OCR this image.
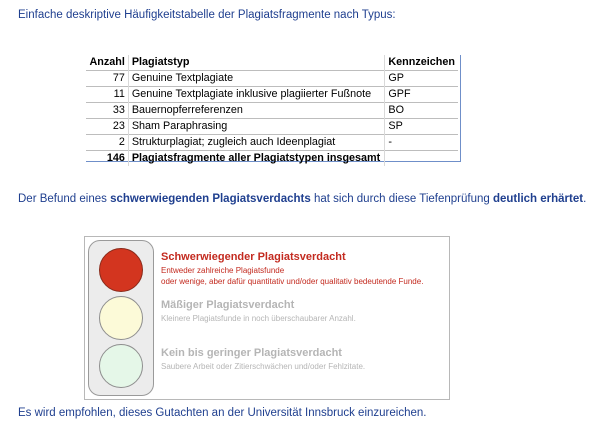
Einfache deskriptive Häufigkeitstabelle der Plagiatsfragmente nach Typus:
Anzahl	Plagiatstyp	Kennzeichen
77	Genuine Textplagiate	GP
11	Genuine Textplagiate inklusive plagiierter Fußnote	GPF
33	Bauernopferreferenzen	BO
23	Sham Paraphrasing	SP
2	Strukturplagiat; zugleich auch Ideenplagiat	-
146	Plagiatsfragmente aller Plagiatstypen insgesamt	
Der Befund eines schwerwiegenden Plagiatsverdachts hat sich durch diese Tiefenprüfung deutlich erhärtet.
Schwerwiegender Plagiatsverdacht
Entweder zahlreiche Plagiatsfunde
oder wenige, aber dafür quantitativ und/oder qualitativ bedeutende Funde.
Mäßiger Plagiatsverdacht
Kleinere Plagiatsfunde in noch überschaubarer Anzahl.
Kein bis geringer Plagiatsverdacht
Saubere Arbeit oder Zitierschwächen und/oder Fehlzitate.
Es wird empfohlen, dieses Gutachten an der Universität Innsbruck einzureichen.
